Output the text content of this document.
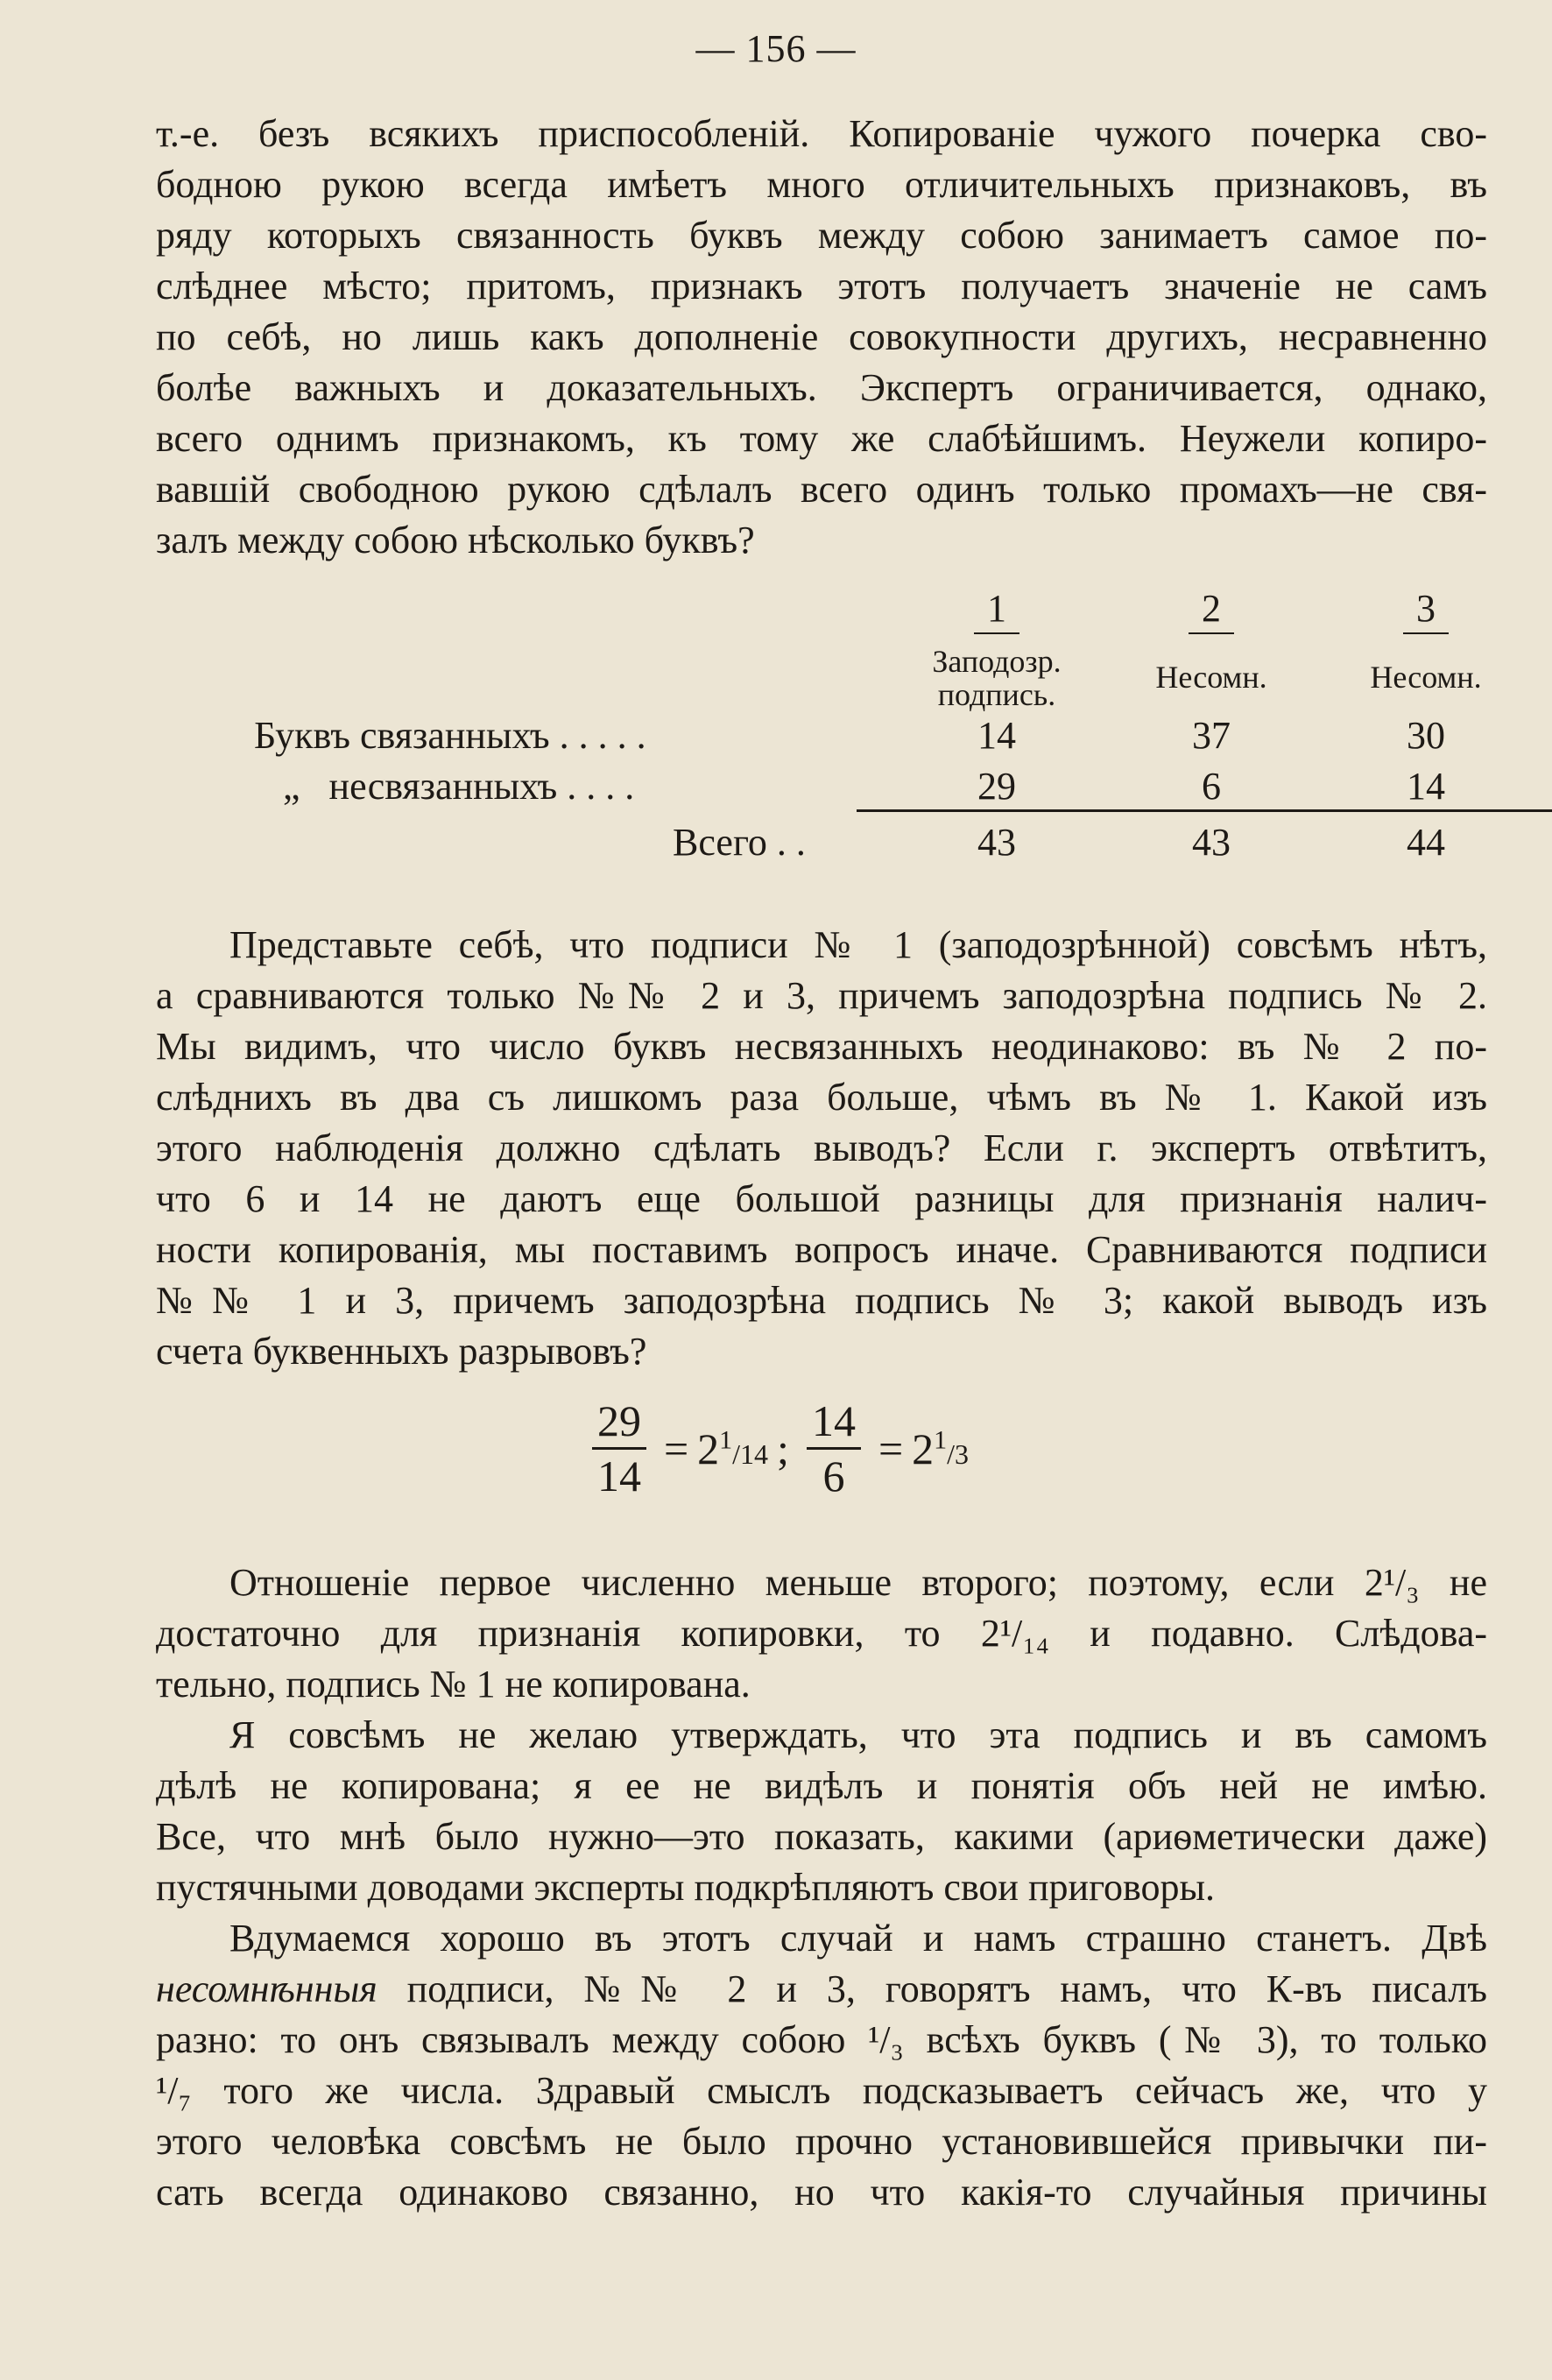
— 156 —

т.-е. безъ всякихъ приспособленій. Копированіе чужого почерка сво-

бодною рукою всегда имѣетъ много отличительныхъ признаковъ, въ

ряду которыхъ связанность буквъ между собою занимаетъ самое по-

слѣднее мѣсто; притомъ, признакъ этотъ получаетъ значеніе не самъ

по себѣ, но лишь какъ дополненіе совокупности другихъ, несравненно

болѣе важныхъ и доказательныхъ. Экспертъ ограничивается, однако,

всего однимъ признакомъ, къ тому же слабѣйшимъ. Неужели копиро-

вавшій свободною рукою сдѣлалъ всего одинъ только промахъ—не свя-

залъ между собою нѣсколько буквъ?

1	2	3
Заподозр.
подпись.	Несомн.	Несомн.
Буквъ связанныхъ . . . . .	14	37	30
„   несвязанныхъ . . . .	29	6	14
Всего . .	43	43	44

Представьте себѣ, что подписи № 1 (заподозрѣнной) совсѣмъ нѣтъ,

а сравниваются только №№ 2 и 3, причемъ заподозрѣна подпись № 2.

Мы видимъ, что число буквъ несвязанныхъ неодинаково: въ № 2 по-

слѣднихъ въ два съ лишкомъ раза больше, чѣмъ въ № 1. Какой изъ

этого наблюденія должно сдѣлать выводъ? Если г. экспертъ отвѣтитъ,

что 6 и 14 не даютъ еще большой разницы для признанія налич-

ности копированія, мы поставимъ вопросъ иначе. Сравниваются подписи

№№ 1 и 3, причемъ заподозрѣна подпись № 3; какой выводъ изъ

счета буквенныхъ разрывовъ?

$\frac{29}{14} = 2^1/14$ ; $\frac{14}{6} = 2^1/3$

Отношеніе первое численно меньше второго; поэтому, если 2¹/₃ не

достаточно для признанія копировки, то 2¹/₁₄ и подавно. Слѣдова-

тельно, подпись № 1 не копирована.

Я совсѣмъ не желаю утверждать, что эта подпись и въ самомъ

дѣлѣ не копирована; я ее не видѣлъ и понятія объ ней не имѣю.

Все, что мнѣ было нужно—это показать, какими (ариѳметически даже)

пустячными доводами эксперты подкрѣпляютъ свои приговоры.

Вдумаемся хорошо въ этотъ случай и намъ страшно станетъ. Двѣ

несомнѣнныя подписи, №№ 2 и 3, говорятъ намъ, что К-въ писалъ

разно: то онъ связывалъ между собою ¹/₃ всѣхъ буквъ (№ 3), то только

¹/₇ того же числа. Здравый смыслъ подсказываетъ сейчасъ же, что у

этого человѣка совсѣмъ не было прочно установившейся привычки пи-

сать всегда одинаково связанно, но что какія-то случайныя причины
